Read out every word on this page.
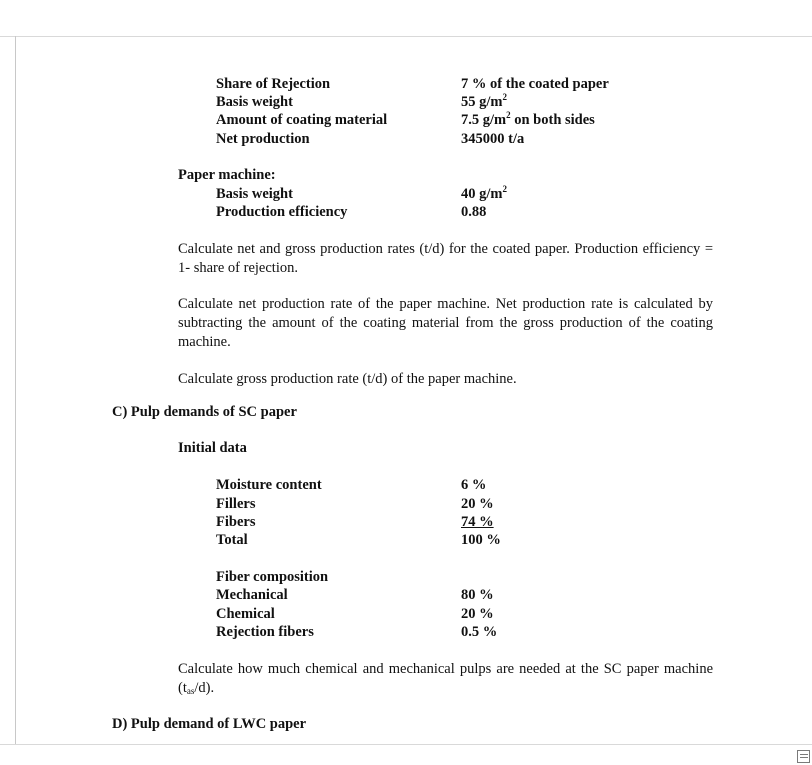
Share of Rejection	7 % of the coated paper
Basis weight	55 $g/m^2$
Amount of coating material	7.5 $g/m^2$ on both sides
Net production	345000 t/a
Paper machine:
Basis weight	40 $g/m^2$
Production efficiency	0.88
Calculate net and gross production rates (t/d) for the coated paper. Production efficiency = 1- share of rejection.
Calculate net production rate of the paper machine. Net production rate is calculated by subtracting the amount of the coating material from the gross production of the coating machine.
Calculate gross production rate (t/d) of the paper machine.
C) Pulp demands of SC paper
Initial data
Moisture content	6 %
Fillers	20 %
Fibers	74 %
Total	100 %
Fiber composition
Mechanical	80 %
Chemical	20 %
Rejection fibers	0.5 %
Calculate how much chemical and mechanical pulps are needed at the SC paper machine $(t_{as}/d)$.
D) Pulp demand of LWC paper
